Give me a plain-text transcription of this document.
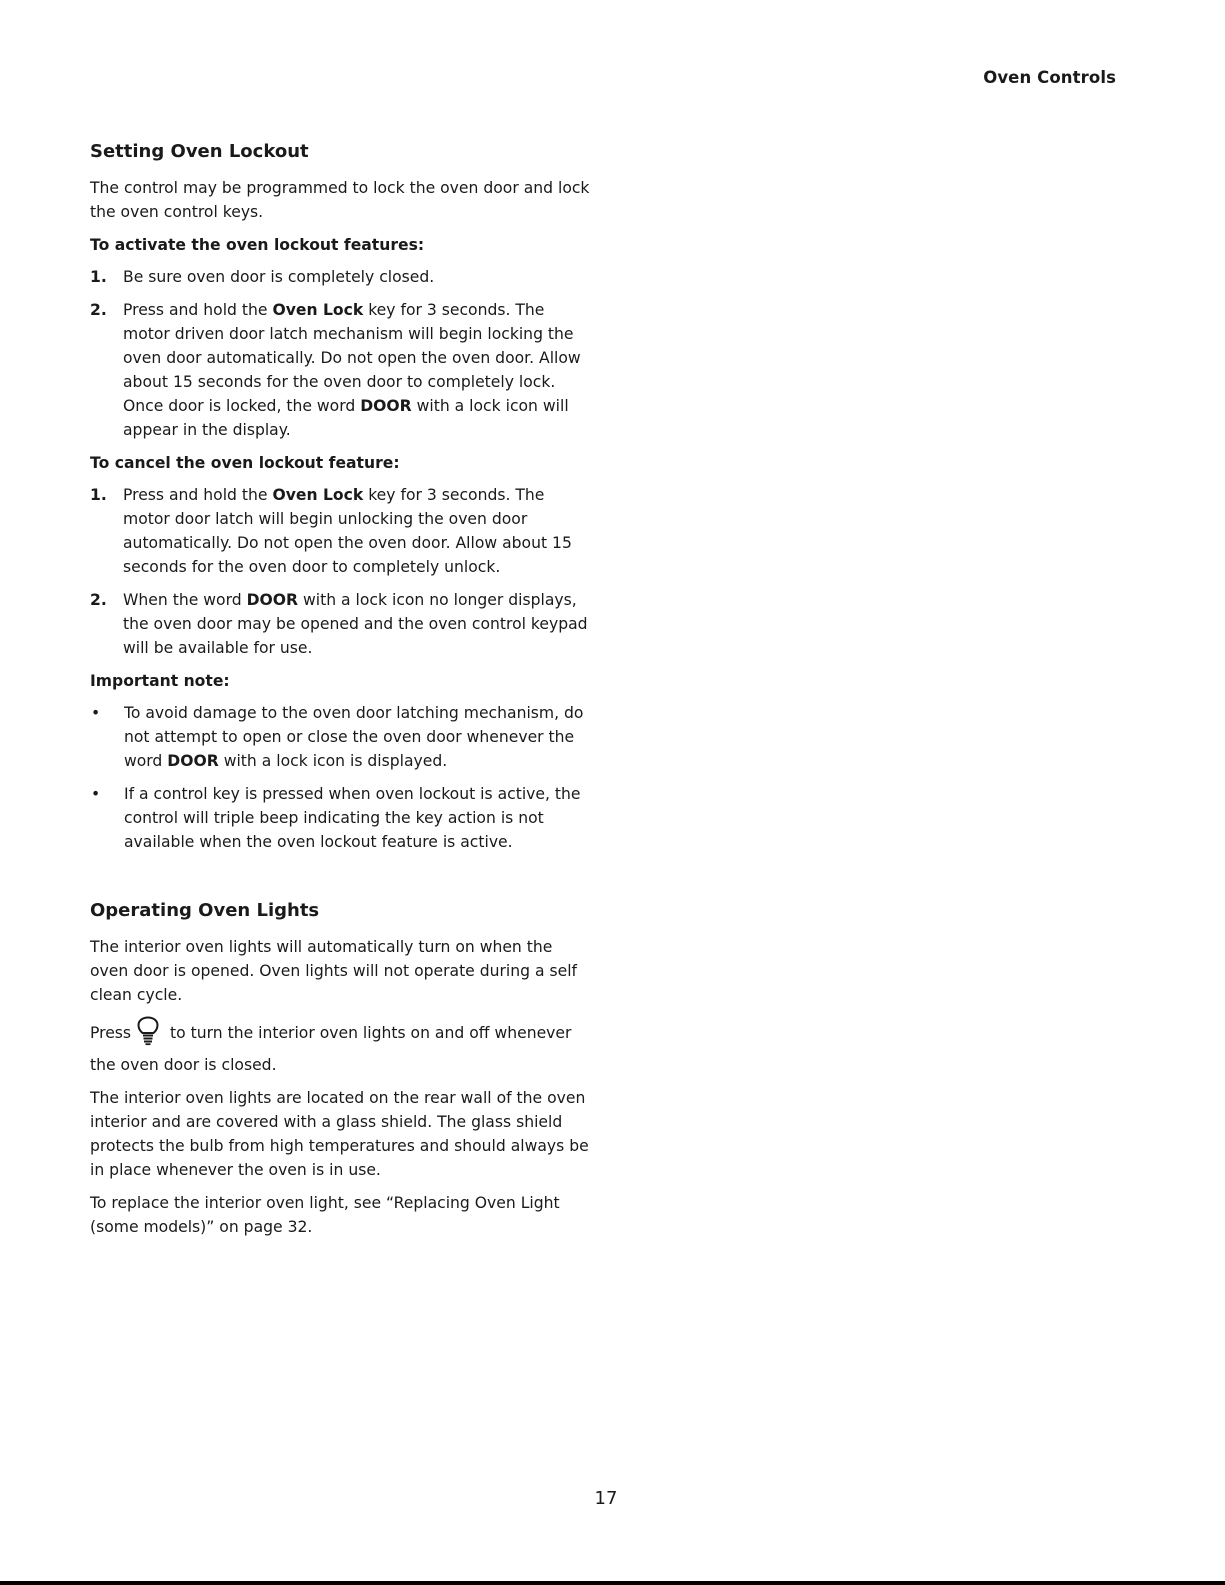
Oven Controls
Setting Oven Lockout

The control may be programmed to lock the oven door and lock the oven control keys.

To activate the oven lockout features:

1.	Be sure oven door is completely closed.
2.	Press and hold the Oven Lock key for 3 seconds. The motor driven door latch mechanism will begin locking the oven door automatically. Do not open the oven door. Allow about 15 seconds for the oven door to completely lock. Once door is locked, the word DOOR with a lock icon will appear in the display.

To cancel the oven lockout feature:

1.	Press and hold the Oven Lock key for 3 seconds. The motor door latch will begin unlocking the oven door automatically. Do not open the oven door. Allow about 15 seconds for the oven door to completely unlock.
2.	When the word DOOR with a lock icon no longer displays, the oven door may be opened and the oven control keypad will be available for use.

Important note:

•	To avoid damage to the oven door latching mechanism, do not attempt to open or close the oven door whenever the word DOOR with a lock icon is displayed.
•	If a control key is pressed when oven lockout is active, the control will triple beep indicating the key action is not available when the oven lockout feature is active.
Operating Oven Lights

The interior oven lights will automatically turn on when the oven door is opened. Oven lights will not operate during a self clean cycle.

Press to turn the interior oven lights on and off whenever the oven door is closed.

The interior oven lights are located on the rear wall of the oven interior and are covered with a glass shield. The glass shield protects the bulb from high temperatures and should always be in place whenever the oven is in use.

To replace the interior oven light, see “Replacing Oven Light (some models)” on page 32.

17
